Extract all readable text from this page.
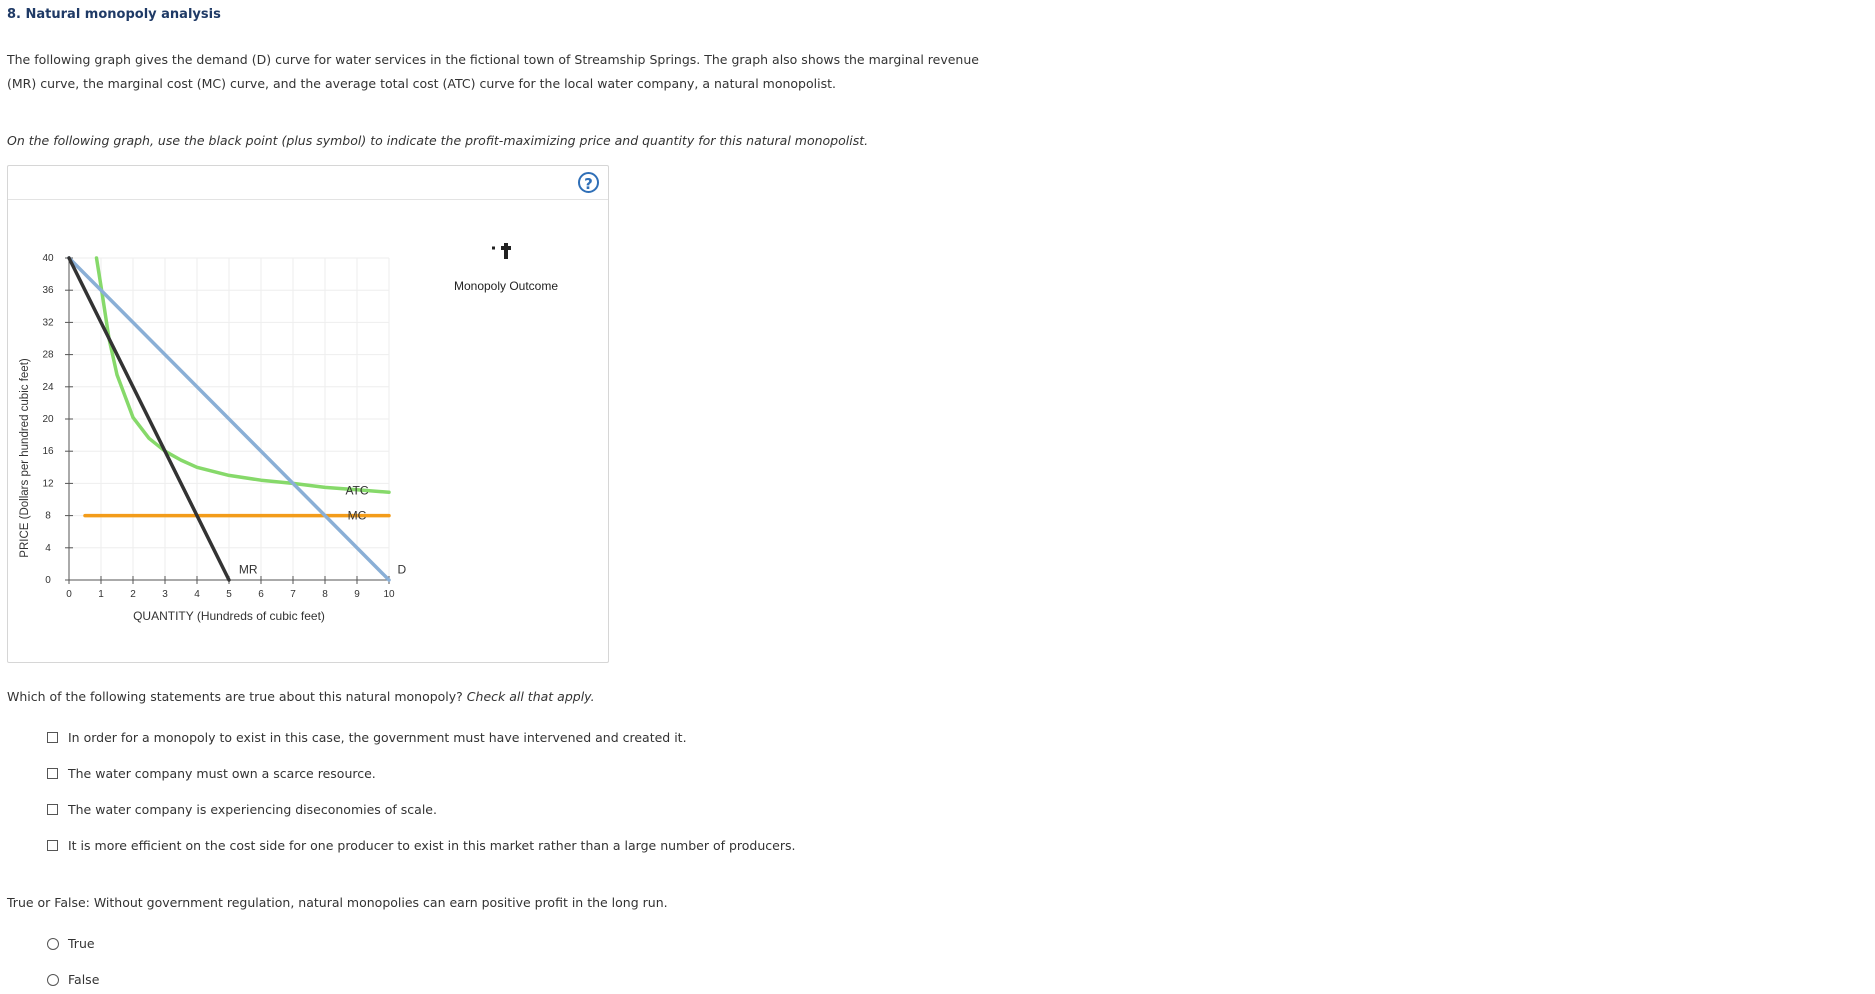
8. Natural monopoly analysis
The following graph gives the demand (D) curve for water services in the fictional town of Streamship Springs. The graph also shows the marginal revenue (MR) curve, the marginal cost (MC) curve, and the average total cost (ATC) curve for the local water company, a natural monopolist.
On the following graph, use the black point (plus symbol) to indicate the profit-maximizing price and quantity for this natural monopolist.
?
0	1	2	3	4	5	6	7	8	9 10
0
4
8
12
16
20
24
28
32
36
40
D
MR
MC
ATC
QUANTITY (Hundreds of cubic feet)
PRICE (Dollars per hundred cubic feet)
Monopoly Outcome
Which of the following statements are true about this natural monopoly? Check all that apply.
In order for a monopoly to exist in this case, the government must have intervened and created it.
The water company must own a scarce resource.
The water company is experiencing diseconomies of scale.
It is more efficient on the cost side for one producer to exist in this market rather than a large number of producers.
True or False: Without government regulation, natural monopolies can earn positive profit in the long run.
True
False
